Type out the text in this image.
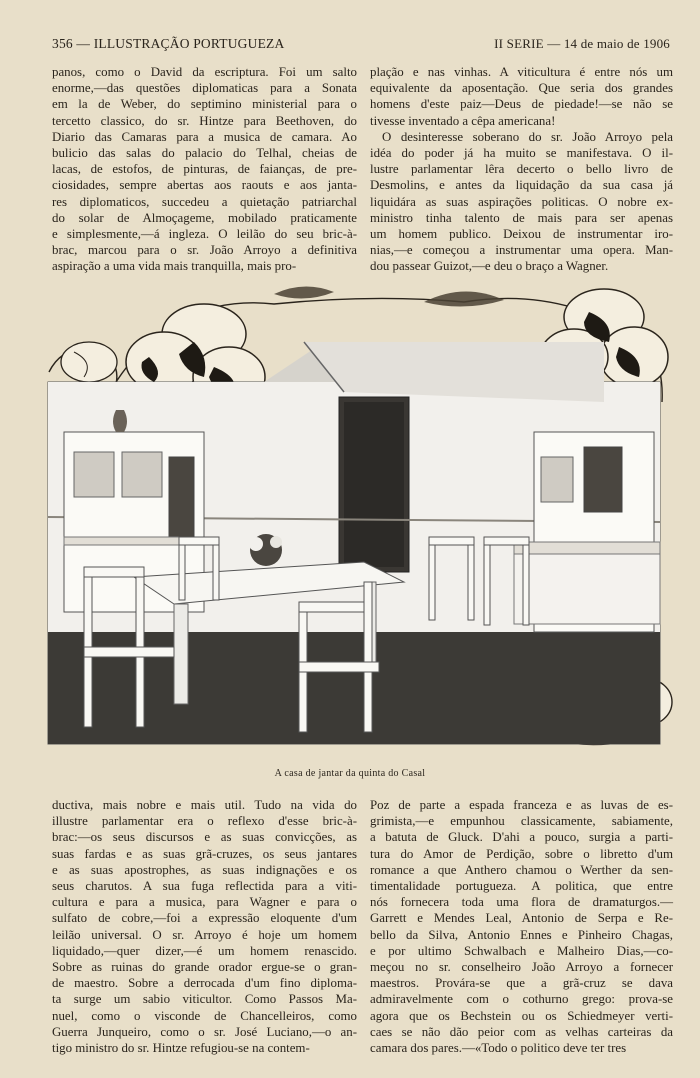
356 — ILLUSTRAÇÃO PORTUGUEZA	II SERIE — 14 de maio de 1906
panos, como o David da escriptura. Foi um salto
enorme,—das questões diplomaticas para a Sonata
em la de Weber, do septimino ministerial para o
tercetto classico, do sr. Hintze para Beethoven, do
Diario das Camaras para a musica de camara. Ao
bulicio das salas do palacio do Telhal, cheias de
lacas, de estofos, de pinturas, de faianças, de pre-
ciosidades, sempre abertas aos raouts e aos janta-
res diplomaticos, succedeu a quietação patriarchal
do solar de Almoçageme, mobilado praticamente
e simplesmente,—á ingleza. O leilão do seu bric-à-
brac, marcou para o sr. João Arroyo a definitiva
aspiração a uma vida mais tranquilla, mais pro-
plação e nas vinhas. A viticultura é entre nós um
equivalente da aposentação. Que seria dos grandes
homens d'este paiz—Deus de piedade!—se não se
tivesse inventado a cêpa americana!
O desinteresse soberano do sr. João Arroyo pela
idéa do poder já ha muito se manifestava. O il-
lustre parlamentar lêra decerto o bello livro de
Desmolins, e antes da liquidação da sua casa já
liquidára as suas aspirações politicas. O nobre ex-
ministro tinha talento de mais para ser apenas
um homem publico. Deixou de instrumentar iro-
nias,—e começou a instrumentar uma opera. Man-
dou passear Guizot,—e deu o braço a Wagner.
A casa de jantar da quinta do Casal
ductiva, mais nobre e mais util. Tudo na vida do
illustre parlamentar era o reflexo d'esse bric-à-
brac:—os seus discursos e as suas convicções, as
suas fardas e as suas grã-cruzes, os seus jantares
e as suas apostrophes, as suas indignações e os
seus charutos. A sua fuga reflectida para a viti-
cultura e para a musica, para Wagner e para o
sulfato de cobre,—foi a expressão eloquente d'um
leilão universal. O sr. Arroyo é hoje um homem
liquidado,—quer dizer,—é um homem renascido.
Sobre as ruinas do grande orador ergue-se o gran-
de maestro. Sobre a derrocada d'um fino diploma-
ta surge um sabio viticultor. Como Passos Ma-
nuel, como o visconde de Chancelleiros, como
Guerra Junqueiro, como o sr. José Luciano,—o an-
tigo ministro do sr. Hintze refugiou-se na contem-
Poz de parte a espada franceza e as luvas de es-
grimista,—e empunhou classicamente, sabiamente,
a batuta de Gluck. D'ahi a pouco, surgia a parti-
tura do Amor de Perdição, sobre o libretto d'um
romance a que Anthero chamou o Werther da sen-
timentalidade portugueza. A politica, que entre
nós fornecera toda uma flora de dramaturgos.—
Garrett e Mendes Leal, Antonio de Serpa e Re-
bello da Silva, Antonio Ennes e Pinheiro Chagas,
e por ultimo Schwalbach e Malheiro Dias,—co-
meçou no sr. conselheiro João Arroyo a fornecer
maestros. Provára-se que a grã-cruz se dava
admiravelmente com o cothurno grego: prova-se
agora que os Bechstein ou os Schiedmeyer verti-
caes se não dão peior com as velhas carteiras da
camara dos pares.—«Todo o politico deve ter tres
